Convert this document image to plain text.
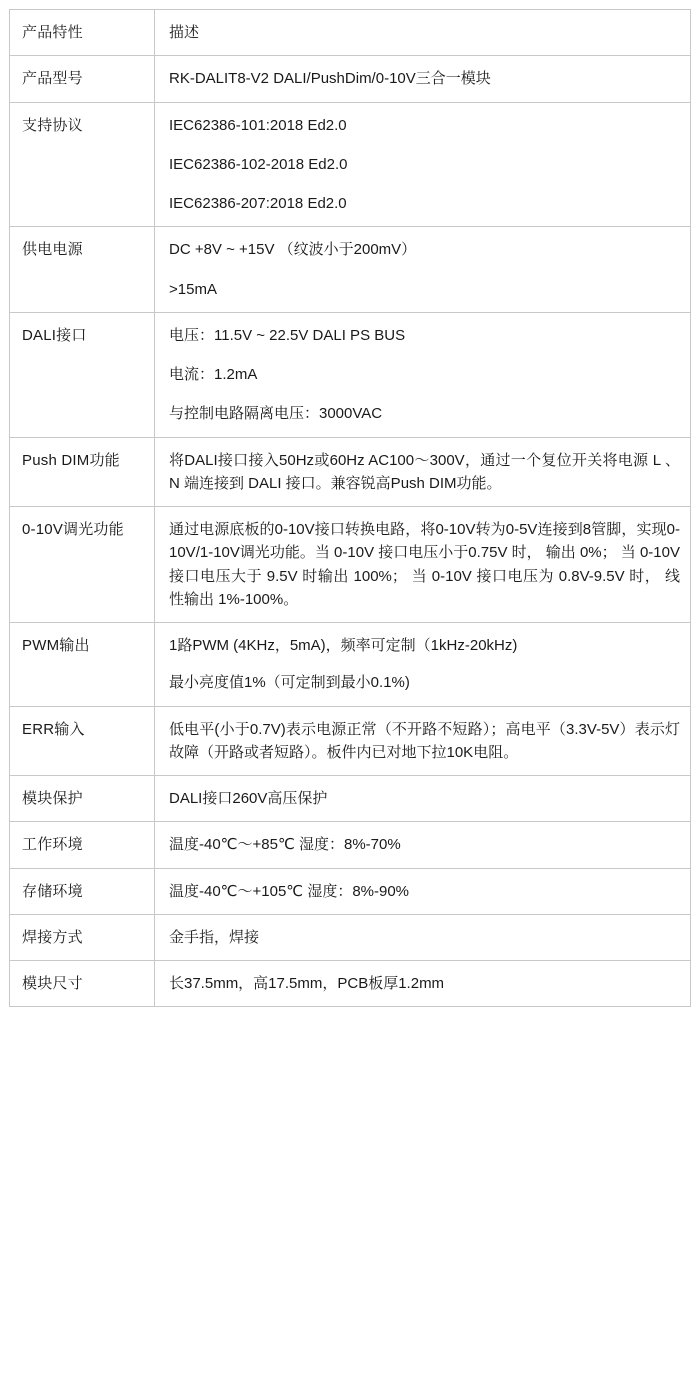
产品特性	描述
产品型号	RK-DALIT8-V2 DALI/PushDim/0-10V三合一模块

支持协议	IEC62386-101:2018 Ed2.0
IEC62386-102-2018 Ed2.0
IEC62386-207:2018 Ed2.0

供电电源	DC +8V ~ +15V （纹波小于200mV）
>15mA

DALI接口	电压：11.5V ~ 22.5V DALI PS BUS
电流：1.2mA
与控制电路隔离电压：3000VAC

Push DIM功能	将DALI接口接入50Hz或60Hz AC100～300V，通过一个复位开关将电源 L 、 N 端连接到 DALI 接口。兼容锐高Push DIM功能。

0-10V调光功能	通过电源底板的0-10V接口转换电路，将0-10V转为0-5V连接到8管脚，实现0-10V/1-10V调光功能。当 0-10V 接口电压小于0.75V 时， 输出 0%； 当 0-10V 接口电压大于 9.5V 时输出 100%； 当 0-10V 接口电压为 0.8V-9.5V 时， 线性输出 1%-100%。

PWM输出	1路PWM (4KHz，5mA)，频率可定制（1kHz-20kHz)
最小亮度值1%（可定制到最小0.1%)

ERR输入	低电平(小于0.7V)表示电源正常（不开路不短路）；高电平（3.3V-5V）表示灯故障（开路或者短路）。板件内已对地下拉10K电阻。

模块保护	DALI接口260V高压保护

工作环境	温度-40℃～+85℃ 湿度：8%-70%

存储环境	温度-40℃～+105℃ 湿度：8%-90%

焊接方式	金手指，焊接

模块尺寸	长37.5mm，高17.5mm，PCB板厚1.2mm
